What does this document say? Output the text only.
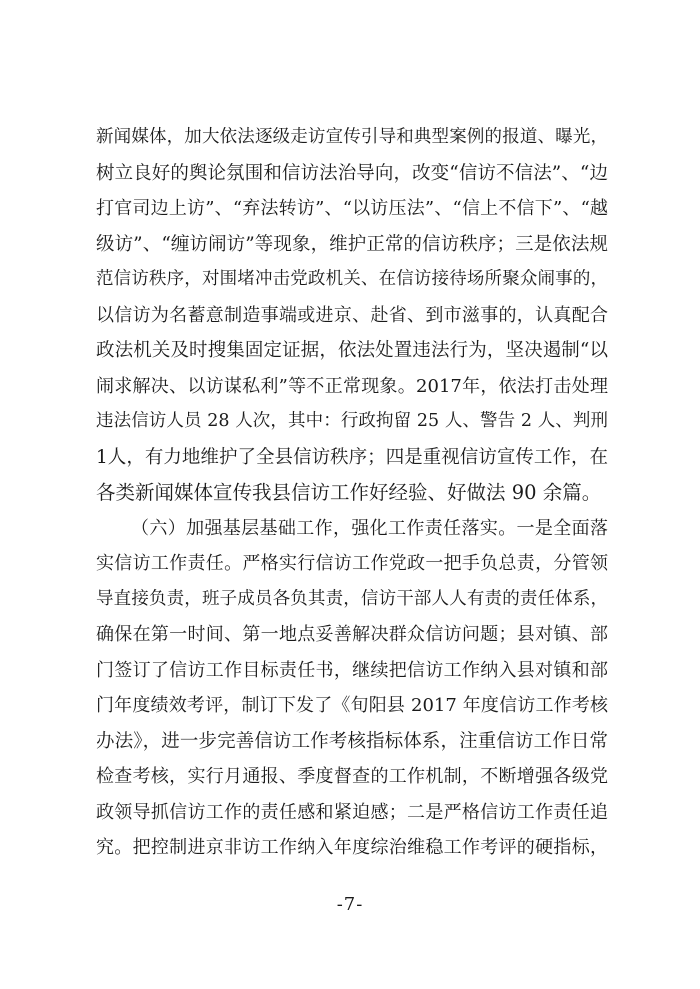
新闻媒体，加大依法逐级走访宣传引导和典型案例的报道、曝光，
树立良好的舆论氛围和信访法治导向，改变“信访不信法”、“边
打官司边上访”、“弃法转访”、“以访压法”、“信上不信下”、“越
级访”、“缠访闹访”等现象，维护正常的信访秩序；三是依法规
范信访秩序，对围堵冲击党政机关、在信访接待场所聚众闹事的，
以信访为名蓄意制造事端或进京、赴省、到市滋事的，认真配合
政法机关及时搜集固定证据，依法处置违法行为，坚决遏制“以
闹求解决、以访谋私利”等不正常现象。2017年，依法打击处理
违法信访人员 28 人次，其中：行政拘留 25 人、警告 2 人、判刑
1人，有力地维护了全县信访秩序；四是重视信访宣传工作，在
各类新闻媒体宣传我县信访工作好经验、好做法 90 余篇。
（六）加强基层基础工作，强化工作责任落实。一是全面落
实信访工作责任。严格实行信访工作党政一把手负总责，分管领
导直接负责，班子成员各负其责，信访干部人人有责的责任体系，
确保在第一时间、第一地点妥善解决群众信访问题；县对镇、部
门签订了信访工作目标责任书，继续把信访工作纳入县对镇和部
门年度绩效考评，制订下发了《旬阳县 2017 年度信访工作考核
办法》，进一步完善信访工作考核指标体系，注重信访工作日常
检查考核，实行月通报、季度督查的工作机制，不断增强各级党
政领导抓信访工作的责任感和紧迫感；二是严格信访工作责任追
究。把控制进京非访工作纳入年度综治维稳工作考评的硬指标，
-7-
